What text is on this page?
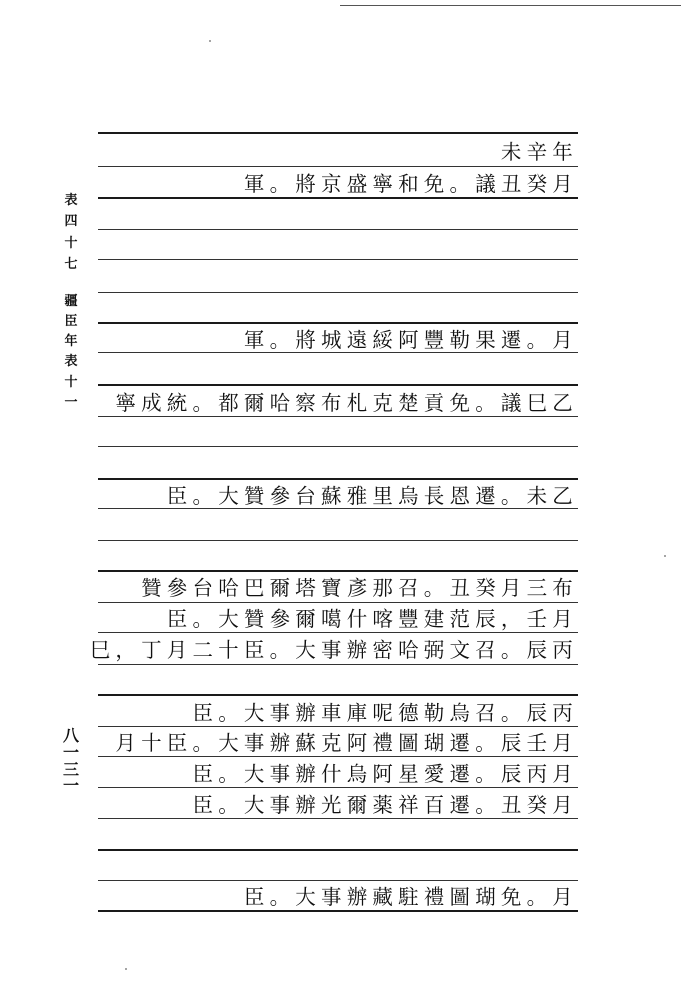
表
四
十
七
疆
臣
年
表
十
一
八
一
三
一
未辛年
軍。將京盛寧和免。議丑癸月
軍。將城遠綏阿豐勒果遷。月
寧成統。都爾哈察布札克楚貢免。議巳乙
臣。大贊參台蘇雅里烏長恩遷。未乙
贊參台哈巴爾塔寶彥那召。丑癸月三布
臣。大贊參爾噶什喀豐建范辰，壬月
巳，丁月二十臣。大事辦密哈弼文召。辰丙
臣。大事辦車庫呢德勒烏召。辰丙
月十臣。大事辦蘇克阿禮圖瑚遷。辰壬月
臣。大事辦什烏阿星愛遷。辰丙月
臣。大事辦光爾薬祥百遷。丑癸月
臣。大事辦藏駐禮圖瑚免。月
